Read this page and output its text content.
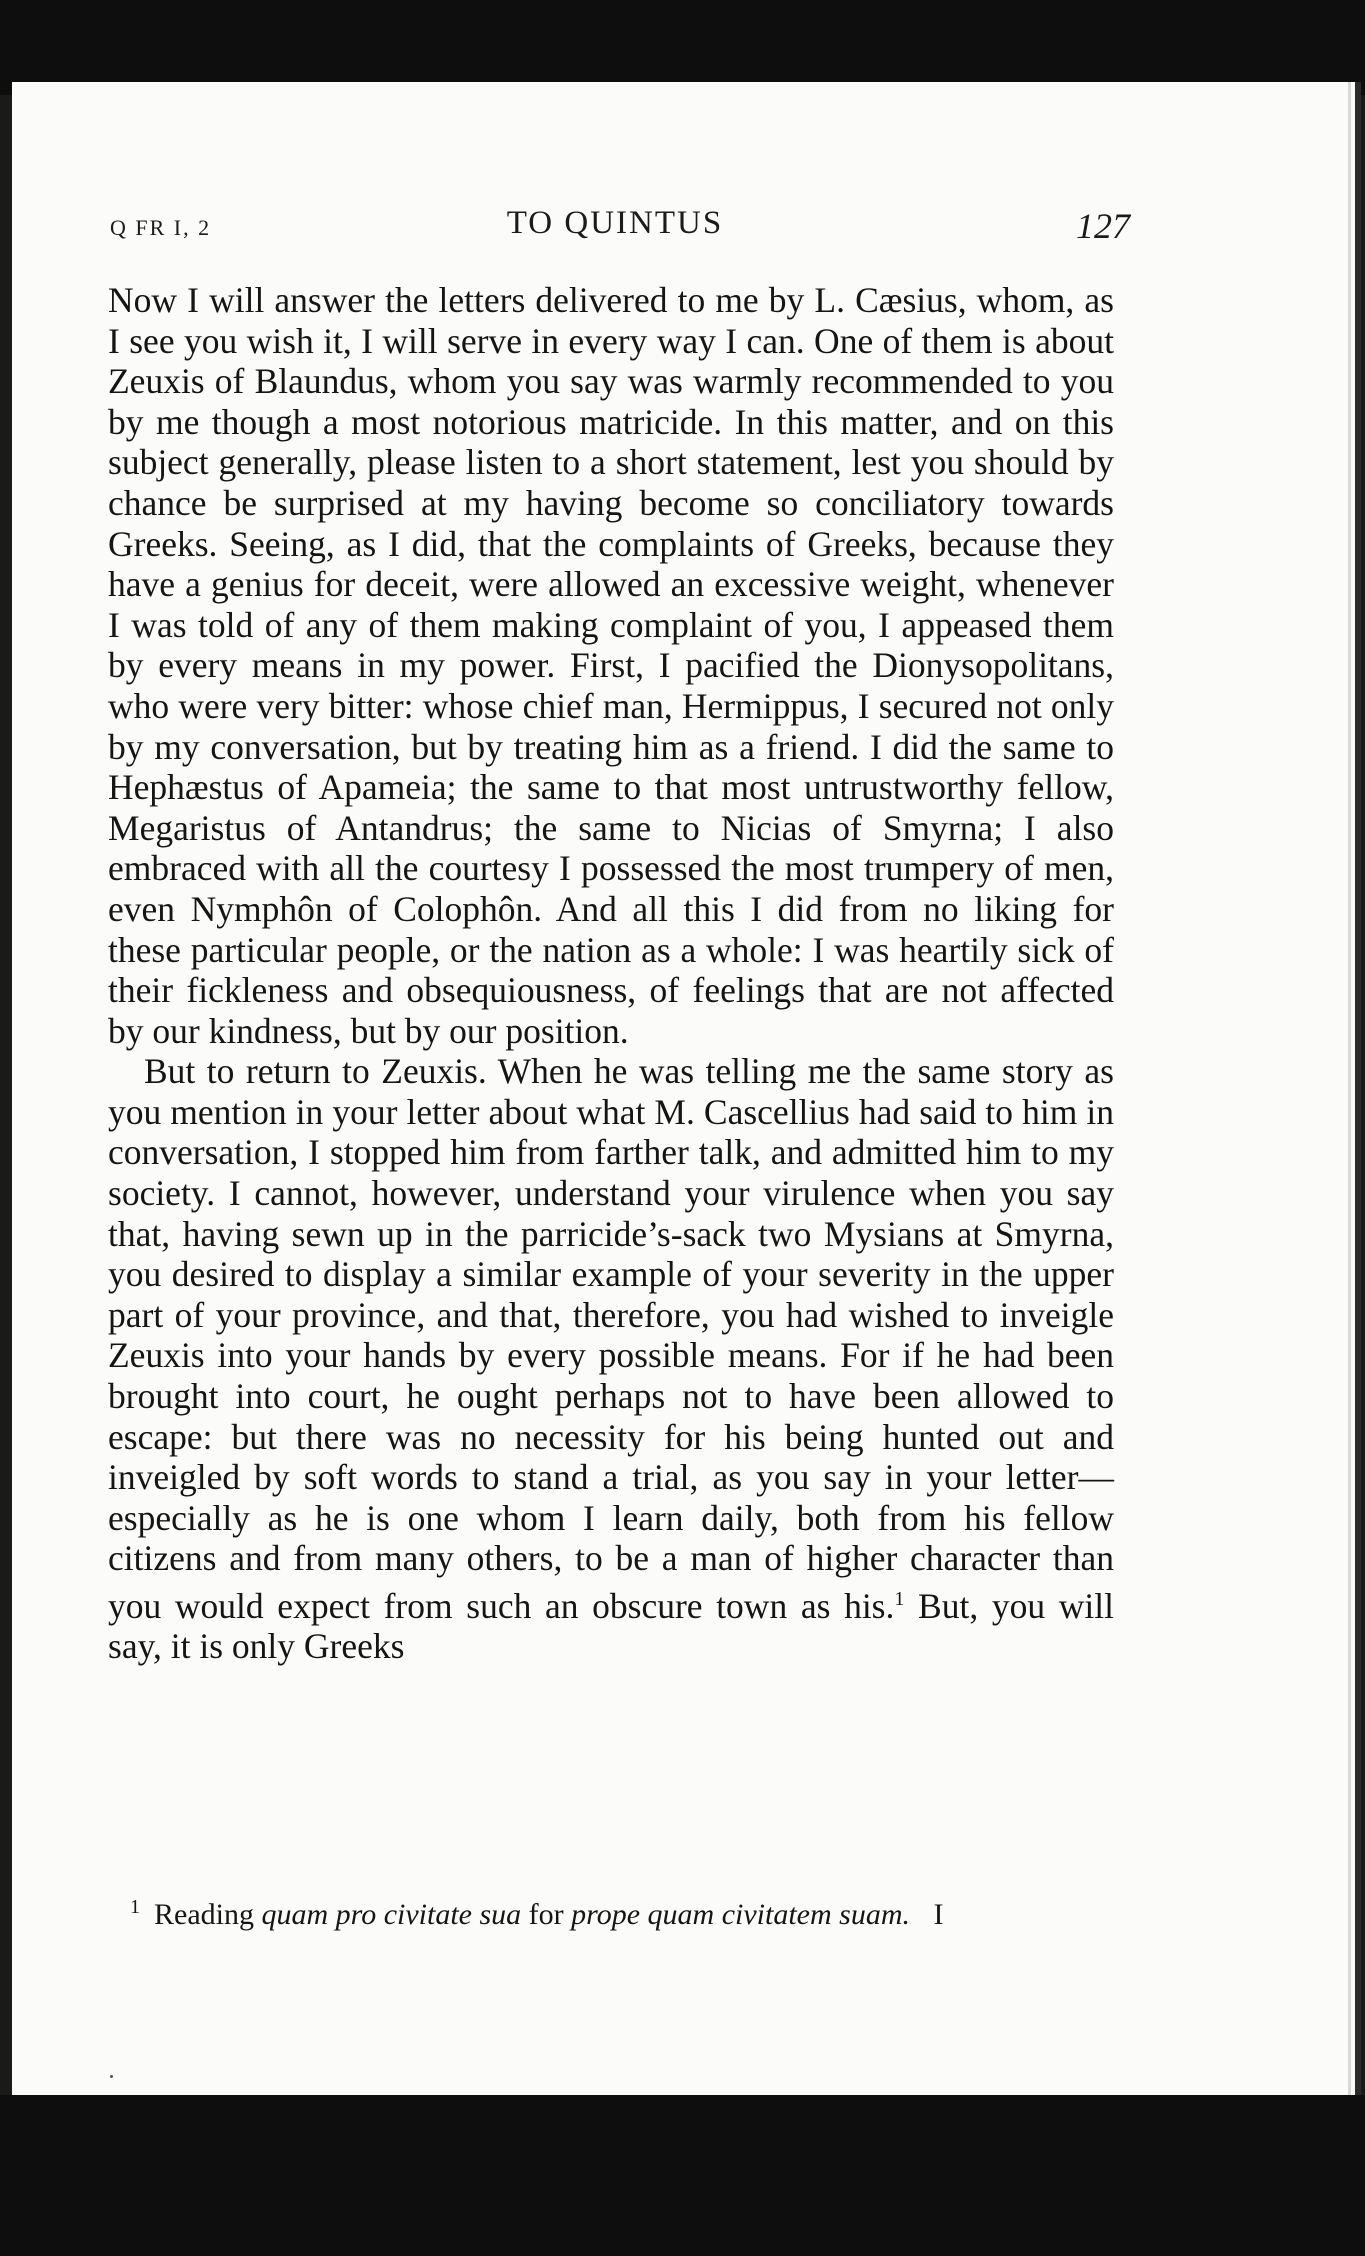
Q FR I, 2	TO QUINTUS	127

Now I will answer the letters delivered to me by L. Cæsius, whom, as I see you wish it, I will serve in every way I can. One of them is about Zeuxis of Blaundus, whom you say was warmly recommended to you by me though a most notorious matricide. In this matter, and on this subject generally, please listen to a short statement, lest you should by chance be surprised at my having become so conciliatory towards Greeks. Seeing, as I did, that the complaints of Greeks, because they have a genius for deceit, were allowed an excessive weight, whenever I was told of any of them making complaint of you, I appeased them by every means in my power. First, I pacified the Dionysopolitans, who were very bitter: whose chief man, Hermippus, I secured not only by my conversation, but by treating him as a friend. I did the same to Hephæstus of Apameia; the same to that most untrustworthy fellow, Megaristus of Antandrus; the same to Nicias of Smyrna; I also embraced with all the courtesy I possessed the most trumpery of men, even Nymphôn of Colophôn. And all this I did from no liking for these particular people, or the nation as a whole: I was heartily sick of their fickleness and obsequiousness, of feelings that are not affected by our kindness, but by our position.

But to return to Zeuxis. When he was telling me the same story as you mention in your letter about what M. Cascellius had said to him in conversation, I stopped him from farther talk, and admitted him to my society. I cannot, however, understand your virulence when you say that, having sewn up in the parricide’s-sack two Mysians at Smyrna, you desired to display a similar example of your severity in the upper part of your province, and that, therefore, you had wished to inveigle Zeuxis into your hands by every possible means. For if he had been brought into court, he ought perhaps not to have been allowed to escape: but there was no necessity for his being hunted out and inveigled by soft words to stand a trial, as you say in your letter—especially as he is one whom I learn daily, both from his fellow citizens and from many others, to be a man of higher character than you would expect from such an obscure town as his.$^1$ But, you will say, it is only Greeks

$^1$ Reading quam pro civitate sua for prope quam civitatem suam. I
